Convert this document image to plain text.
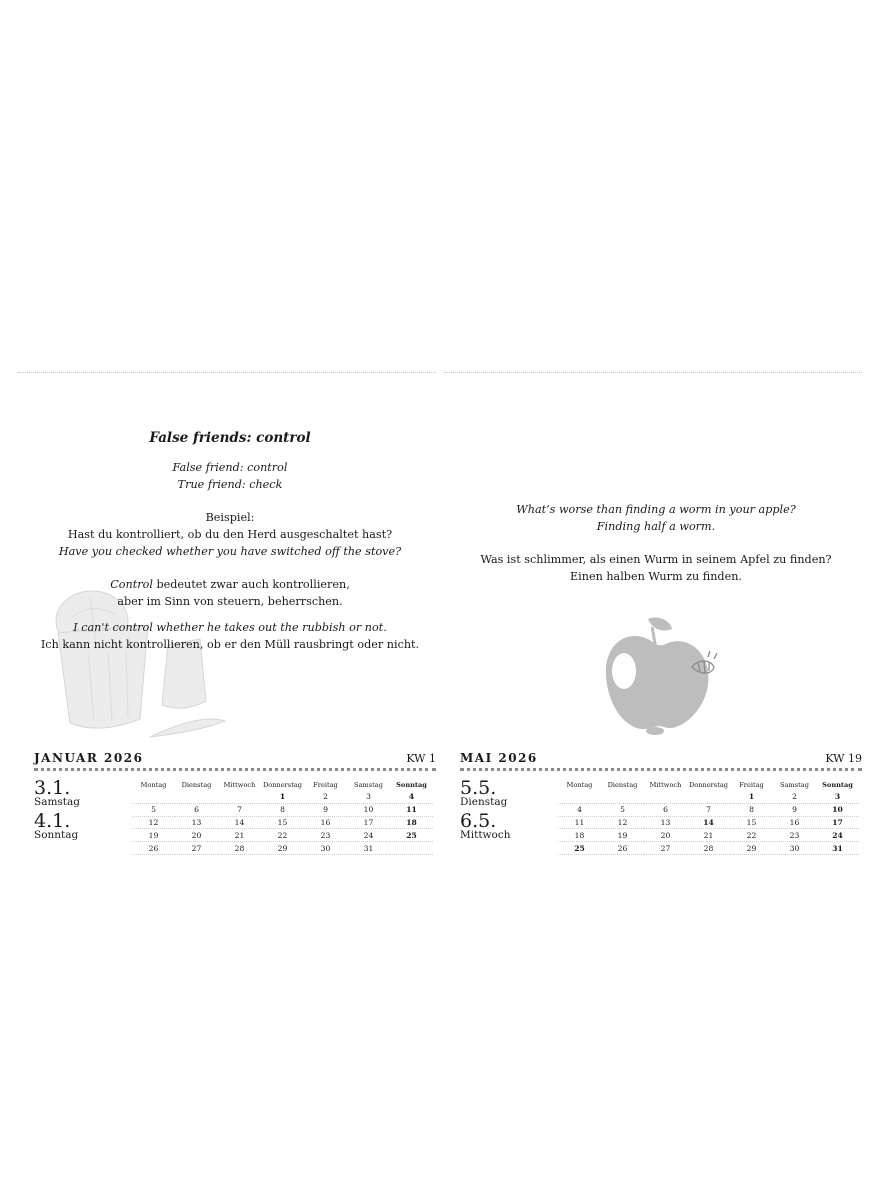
False friends: control

False friend: control

True friend: check

Beispiel:

Hast du kontrolliert, ob du den Herd ausgeschaltet hast?

Have you checked whether you have switched off the stove?

Control bedeutet zwar auch kontrollieren,

aber im Sinn von steuern, beherrschen.

I can't control whether he takes out the rubbish or not.

Ich kann nicht kontrollieren, ob er den Müll rausbringt oder nicht.

JANUAR 2026	KW 1
3.1.
Samstag
4.1.
Sonntag
Montag	Dienstag	Mittwoch	Donnerstag	Freitag	Samstag	Sonntag
			1	2	3	4
5	6	7	8	9	10	11
12	13	14	15	16	17	18
19	20	21	22	23	24	25
26	27	28	29	30	31	

What’s worse than finding a worm in your apple?

Finding half a worm.

Was ist schlimmer, als einen Wurm in seinem Apfel zu finden?

Einen halben Wurm zu finden.

MAI 2026	KW 19
5.5.
Dienstag
6.5.
Mittwoch
Montag	Dienstag	Mittwoch	Donnerstag	Freitag	Samstag	Sonntag
				1	2	3
4	5	6	7	8	9	10
11	12	13	14	15	16	17
18	19	20	21	22	23	24
25	26	27	28	29	30	31
